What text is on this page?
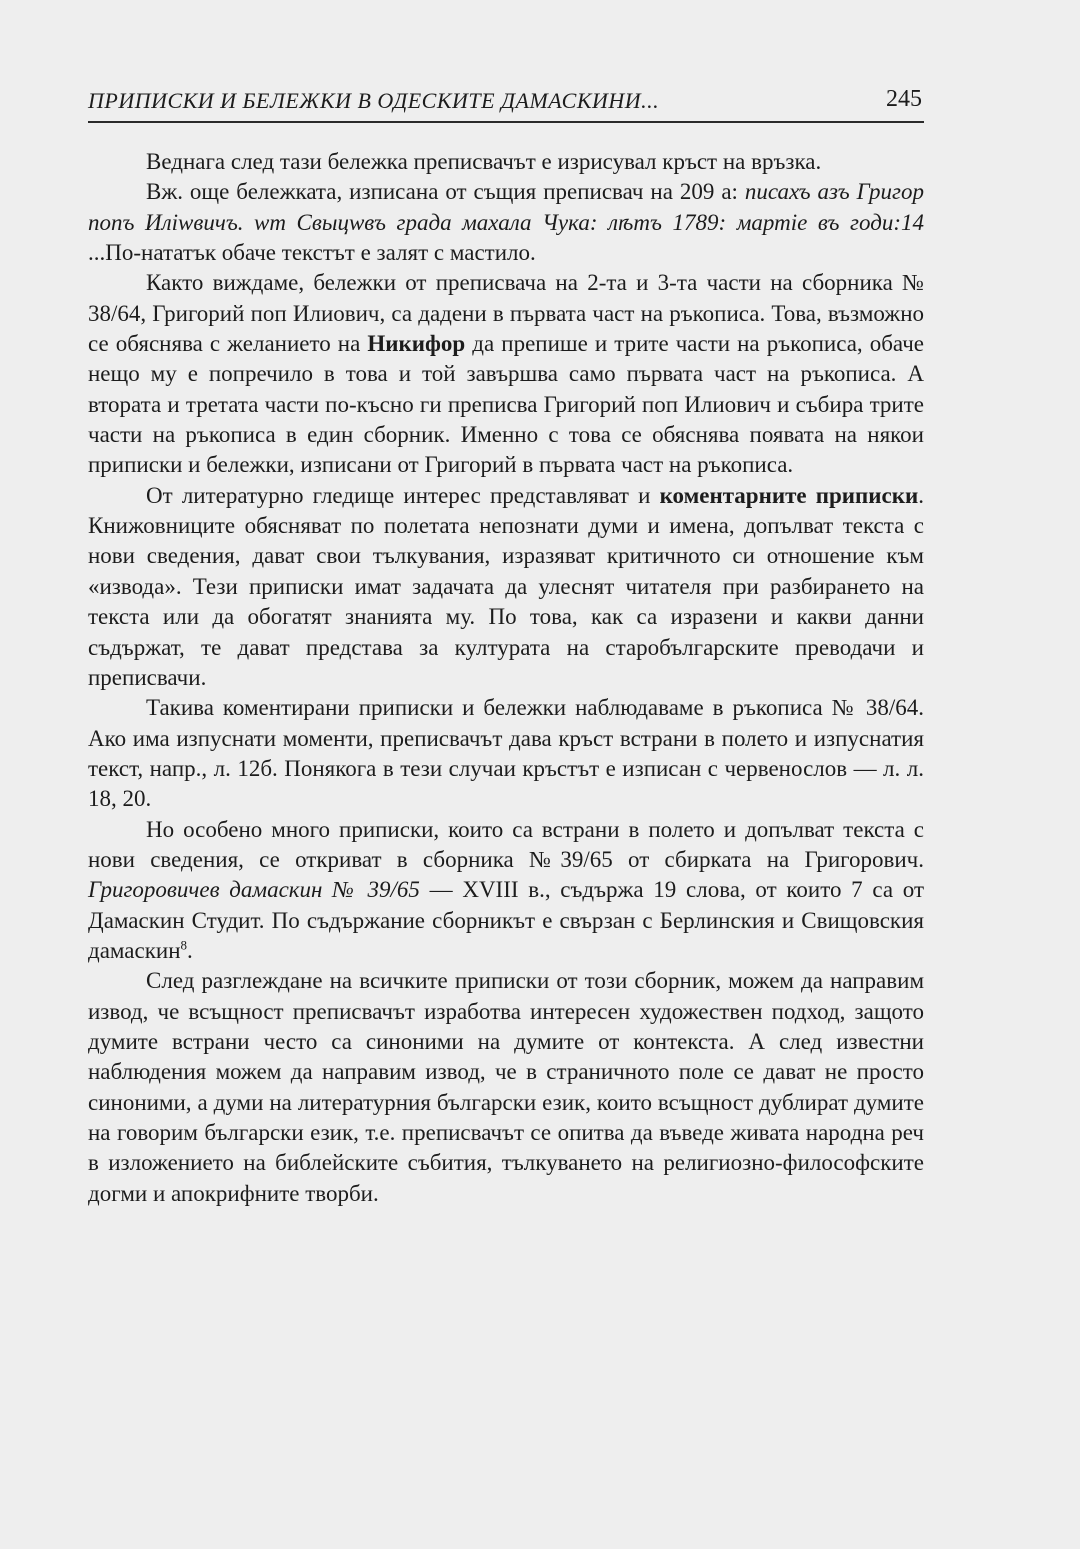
ПРИПИСКИ И БЕЛЕЖКИ В ОДЕСКИТЕ ДАМАСКИНИ...	245

Веднага след тази бележка преписвачът е изрисувал кръст на връзка.

Вж. още бележката, изписана от същия преписвач на 209 а: писахъ азъ Григор попъ Иліwвичъ. wт Свыцwвъ града махала Чука: лѣтъ 1789: мартіе въ годи:14 ...По-нататък обаче текстът е залят с мастило.

Както виждаме, бележки от преписвача на 2-та и 3-та части на сборника № 38/64, Григорий поп Илиович, са дадени в първата част на ръкописа. Това, възможно се обяснява с желанието на Никифор да препише и трите части на ръкописа, обаче нещо му е попречило в това и той завършва само първата част на ръкописа. А втората и третата части по-късно ги преписва Григорий поп Илиович и събира трите части на ръкописа в един сборник. Именно с това се обяснява появата на някои приписки и бележки, изписани от Григорий в първата част на ръкописа.

От литературно гледище интерес представляват и коментарните приписки. Книжовниците обясняват по полетата непознати думи и имена, допълват текста с нови сведения, дават свои тълкувания, изразяват критичното си отношение към «извода». Тези приписки имат задачата да улеснят читателя при разбирането на текста или да обогатят знанията му. По това, как са изразени и какви данни съдържат, те дават представа за културата на старобългарските преводачи и преписвачи.

Такива коментирани приписки и бележки наблюдаваме в ръкописа № 38/64. Ако има изпуснати моменти, преписвачът дава кръст встрани в полето и изпуснатия текст, напр., л. 12б. Понякога в тези случаи кръстът е изписан с червенослов — л. л. 18, 20.

Но особено много приписки, които са встрани в полето и допълват текста с нови сведения, се откриват в сборника №39/65 от сбирката на Григорович. Григоровичев дамаскин № 39/65 — XVIII в., съдържа 19 слова, от които 7 са от Дамаскин Студит. По съдържание сборникът е свързан с Берлинския и Свищовския дамаскин$^8$.

След разглеждане на всичките приписки от този сборник, можем да направим извод, че всъщност преписвачът изработва интересен художествен подход, защото думите встрани често са синоними на думите от контекста. А след известни наблюдения можем да направим извод, че в страничното поле се дават не просто синоними, а думи на литературния български език, които всъщност дублират думите на говорим български език, т.е. преписвачът се опитва да въведе живата народна реч в изложението на библейските събития, тълкуването на религиозно-философските догми и апокрифните творби.
